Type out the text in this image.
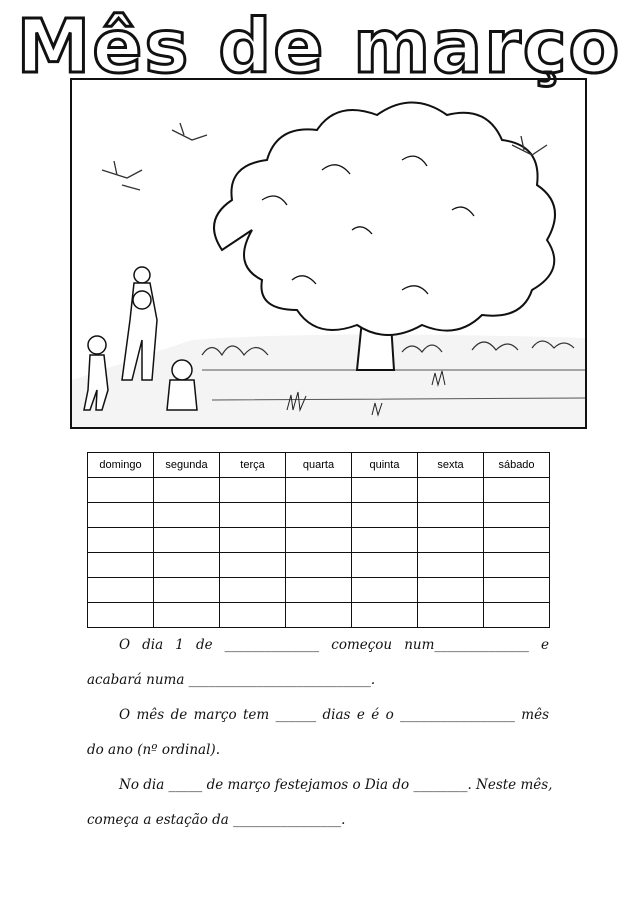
Mês de março
domingo	segunda	terça	quarta	quinta	sexta	sábado

O dia 1 de ______________ começou num______________ e
acabará numa ___________________________.
O mês de março tem ______ dias e é o _________________ mês
do ano (nº ordinal).
No dia _____ de março festejamos o Dia do ________. Neste mês,
começa a estação da ________________.
